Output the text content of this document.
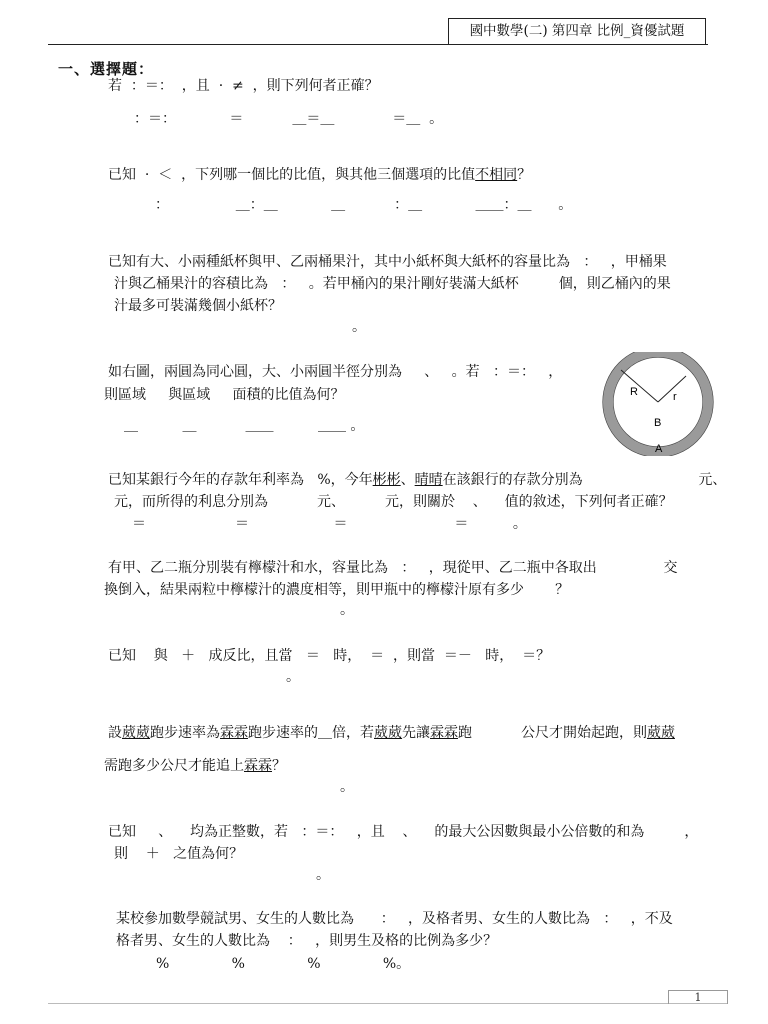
國中數學(二) 第四章 比例_資優試題
一、選擇題：
若  ：＝：  ，且  ·  ≠  ，則下列何者正確？
：＝：            ＝           ＿＝＿             ＝＿  。
已知  ·  ＜  ，下列哪一個比的比值，與其他三個選項的比值不相同？
：               ＿：＿            ＿           ：＿            ＿＿：＿      。
已知有大、小兩種紙杯與甲、乙兩桶果汁，其中小紙杯與大紙杯的容量比為   ：   ，甲桶果
汁與乙桶果汁的容積比為   ：   。若甲桶內的果汁剛好裝滿大紙杯         個，則乙桶內的果
汁最多可裝滿幾個小紙杯？
。
如右圖，兩圓為同心圓，大、小兩圓半徑分別為     、   。若   ：＝：   ，
則區域     與區域     面積的比值為何？
＿          ＿           ＿＿          ＿＿ 。
R	r
B
A
已知某銀行今年的存款年利率為   %，今年彬彬、晴晴在該銀行的存款分別為                          元、
元，而所得的利息分別為           元、         元，則關於    、    值的敘述，下列何者正確？
＝                    ＝                   ＝                        ＝          。
有甲、乙二瓶分別裝有檸檬汁和水，容量比為   ：   ，現從甲、乙二瓶中各取出               交
換倒入，結果兩粒中檸檬汁的濃度相等，則甲瓶中的檸檬汁原有多少       ？
。
已知    與   ＋   成反比，且當   ＝   時，  ＝  ，則當  ＝－   時，  ＝？
。
設葳葳跑步速率為霖霖跑步速率的＿倍，若葳葳先讓霖霖跑           公尺才開始起跑，則葳葳
需跑多少公尺才能追上霖霖？
。
已知     、    均為正整數，若   ：＝：   ，且    、    的最大公因數與最小公倍數的和為         ，
則    ＋   之值為何？
。
某校參加數學競試男、女生的人數比為      ：   ，及格者男、女生的人數比為   ：   ，不及
格者男、女生的人數比為    ：   ，則男生及格的比例為多少？
%              %              %              %。
1
